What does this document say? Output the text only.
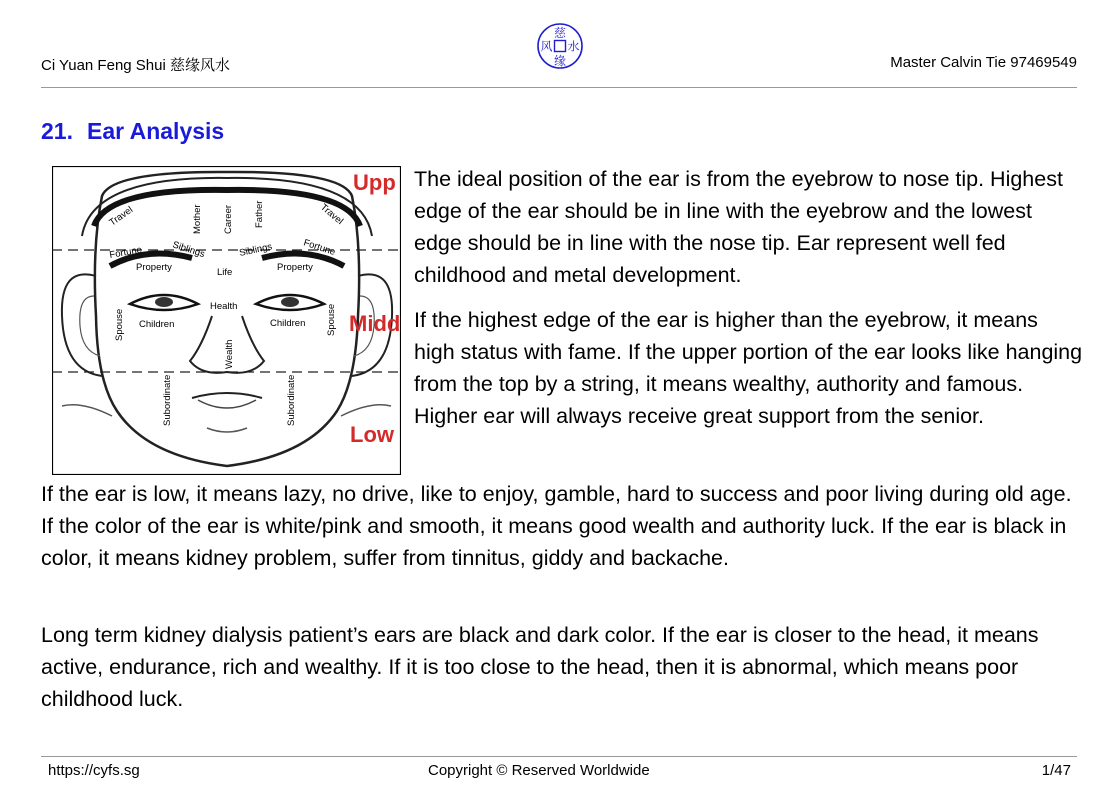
Ci Yuan Feng Shui 慈缘风水
慈
风 水
缘	Master Calvin Tie 97469549
21. Ear Analysis
Upp
Midd
Low
Travel	Mother Career Father	Travel
Fortune	Siblings	Siblings	Fortune
Property	Life	Property
Health
Spouse Children	Children Spouse
Wealth
Subordinate	Subordinate

The ideal position of the ear is from the eyebrow to nose tip. Highest edge of the ear should be in line with the eyebrow and the lowest edge should be in line with the nose tip. Ear represent well fed childhood and metal development.

If the highest edge of the ear is higher than the eyebrow, it means high status with fame. If the upper portion of the ear looks like hanging from the top by a string, it means wealthy, authority and famous. Higher ear will always receive great support from the senior.

If the ear is low, it means lazy, no drive, like to enjoy, gamble, hard to success and poor living during old age. If the color of the ear is white/pink and smooth, it means good wealth and authority luck. If the ear is black in color, it means kidney problem, suffer from tinnitus, giddy and backache.

Long term kidney dialysis patient’s ears are black and dark color. If the ear is closer to the head, it means active, endurance, rich and wealthy. If it is too close to the head, then it is abnormal, which means poor childhood luck.

https://cyfs.sg	Copyright © Reserved Worldwide	1/47
